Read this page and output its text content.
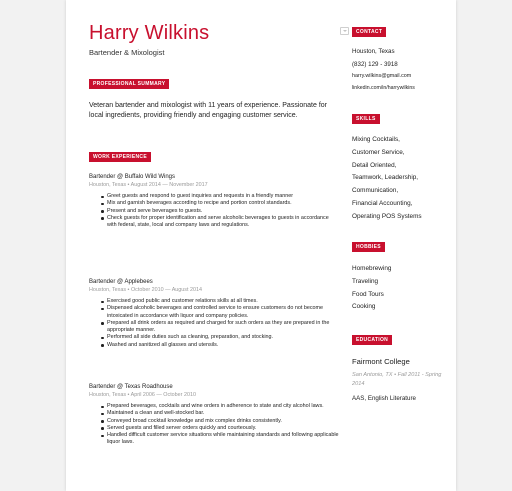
Harry Wilkins
Bartender & Mixologist
PROFESSIONAL SUMMARY
Veteran bartender and mixologist with 11 years of experience. Passionate for local ingredients, providing friendly and engaging customer service.
WORK EXPERIENCE
Bartender @ Buffalo Wild Wings
Houston, Texas • August 2014 — November 2017
Greet guests and respond to guest inquiries and requests in a friendly manner
Mix and garnish beverages according to recipe and portion control standards.
Present and serve beverages to guests.
Check guests for proper identification and serve alcoholic beverages to guests in accordance with federal, state, local and company laws and regulations.
Bartender @ Applebees
Houston, Texas • October 2010 — August 2014
Exercised good public and customer relations skills at all times.
Dispensed alcoholic beverages and controlled service to ensure customers do not become intoxicated in accordance with liquor and company policies.
Prepared all drink orders as required and charged for such orders as they are prepared in the appropriate manner.
Performed all side duties such as cleaning, preparation, and stocking.
Washed and sanitized all glasses and utensils.
Bartender @ Texas Roadhouse
Houston, Texas • April 2006 — October 2010
Prepared beverages, cocktails and wine orders in adherence to state and city alcohol laws.
Maintained a clean and well-stocked bar.
Conveyed broad cocktail knowledge and mix complex drinks consistently.
Served guests and filled server orders quickly and courteously.
Handled difficult customer service situations while maintaining standards and following applicable liquor laws.
CONTACT
Houston, Texas
(832) 129 - 3918
harry.wilkins@gmail.com
linkedin.com/in/harrywilkins
SKILLS
Mixing Cocktails,
Customer Service,
Detail Oriented,
Teamwork, Leadership,
Communication,
Financial Accounting,
Operating POS Systems
HOBBIES
Homebrewing
Traveling
Food Tours
Cooking
EDUCATION
Fairmont College
San Antonio, TX • Fall 2011 - Spring 2014
AAS, English Literature
